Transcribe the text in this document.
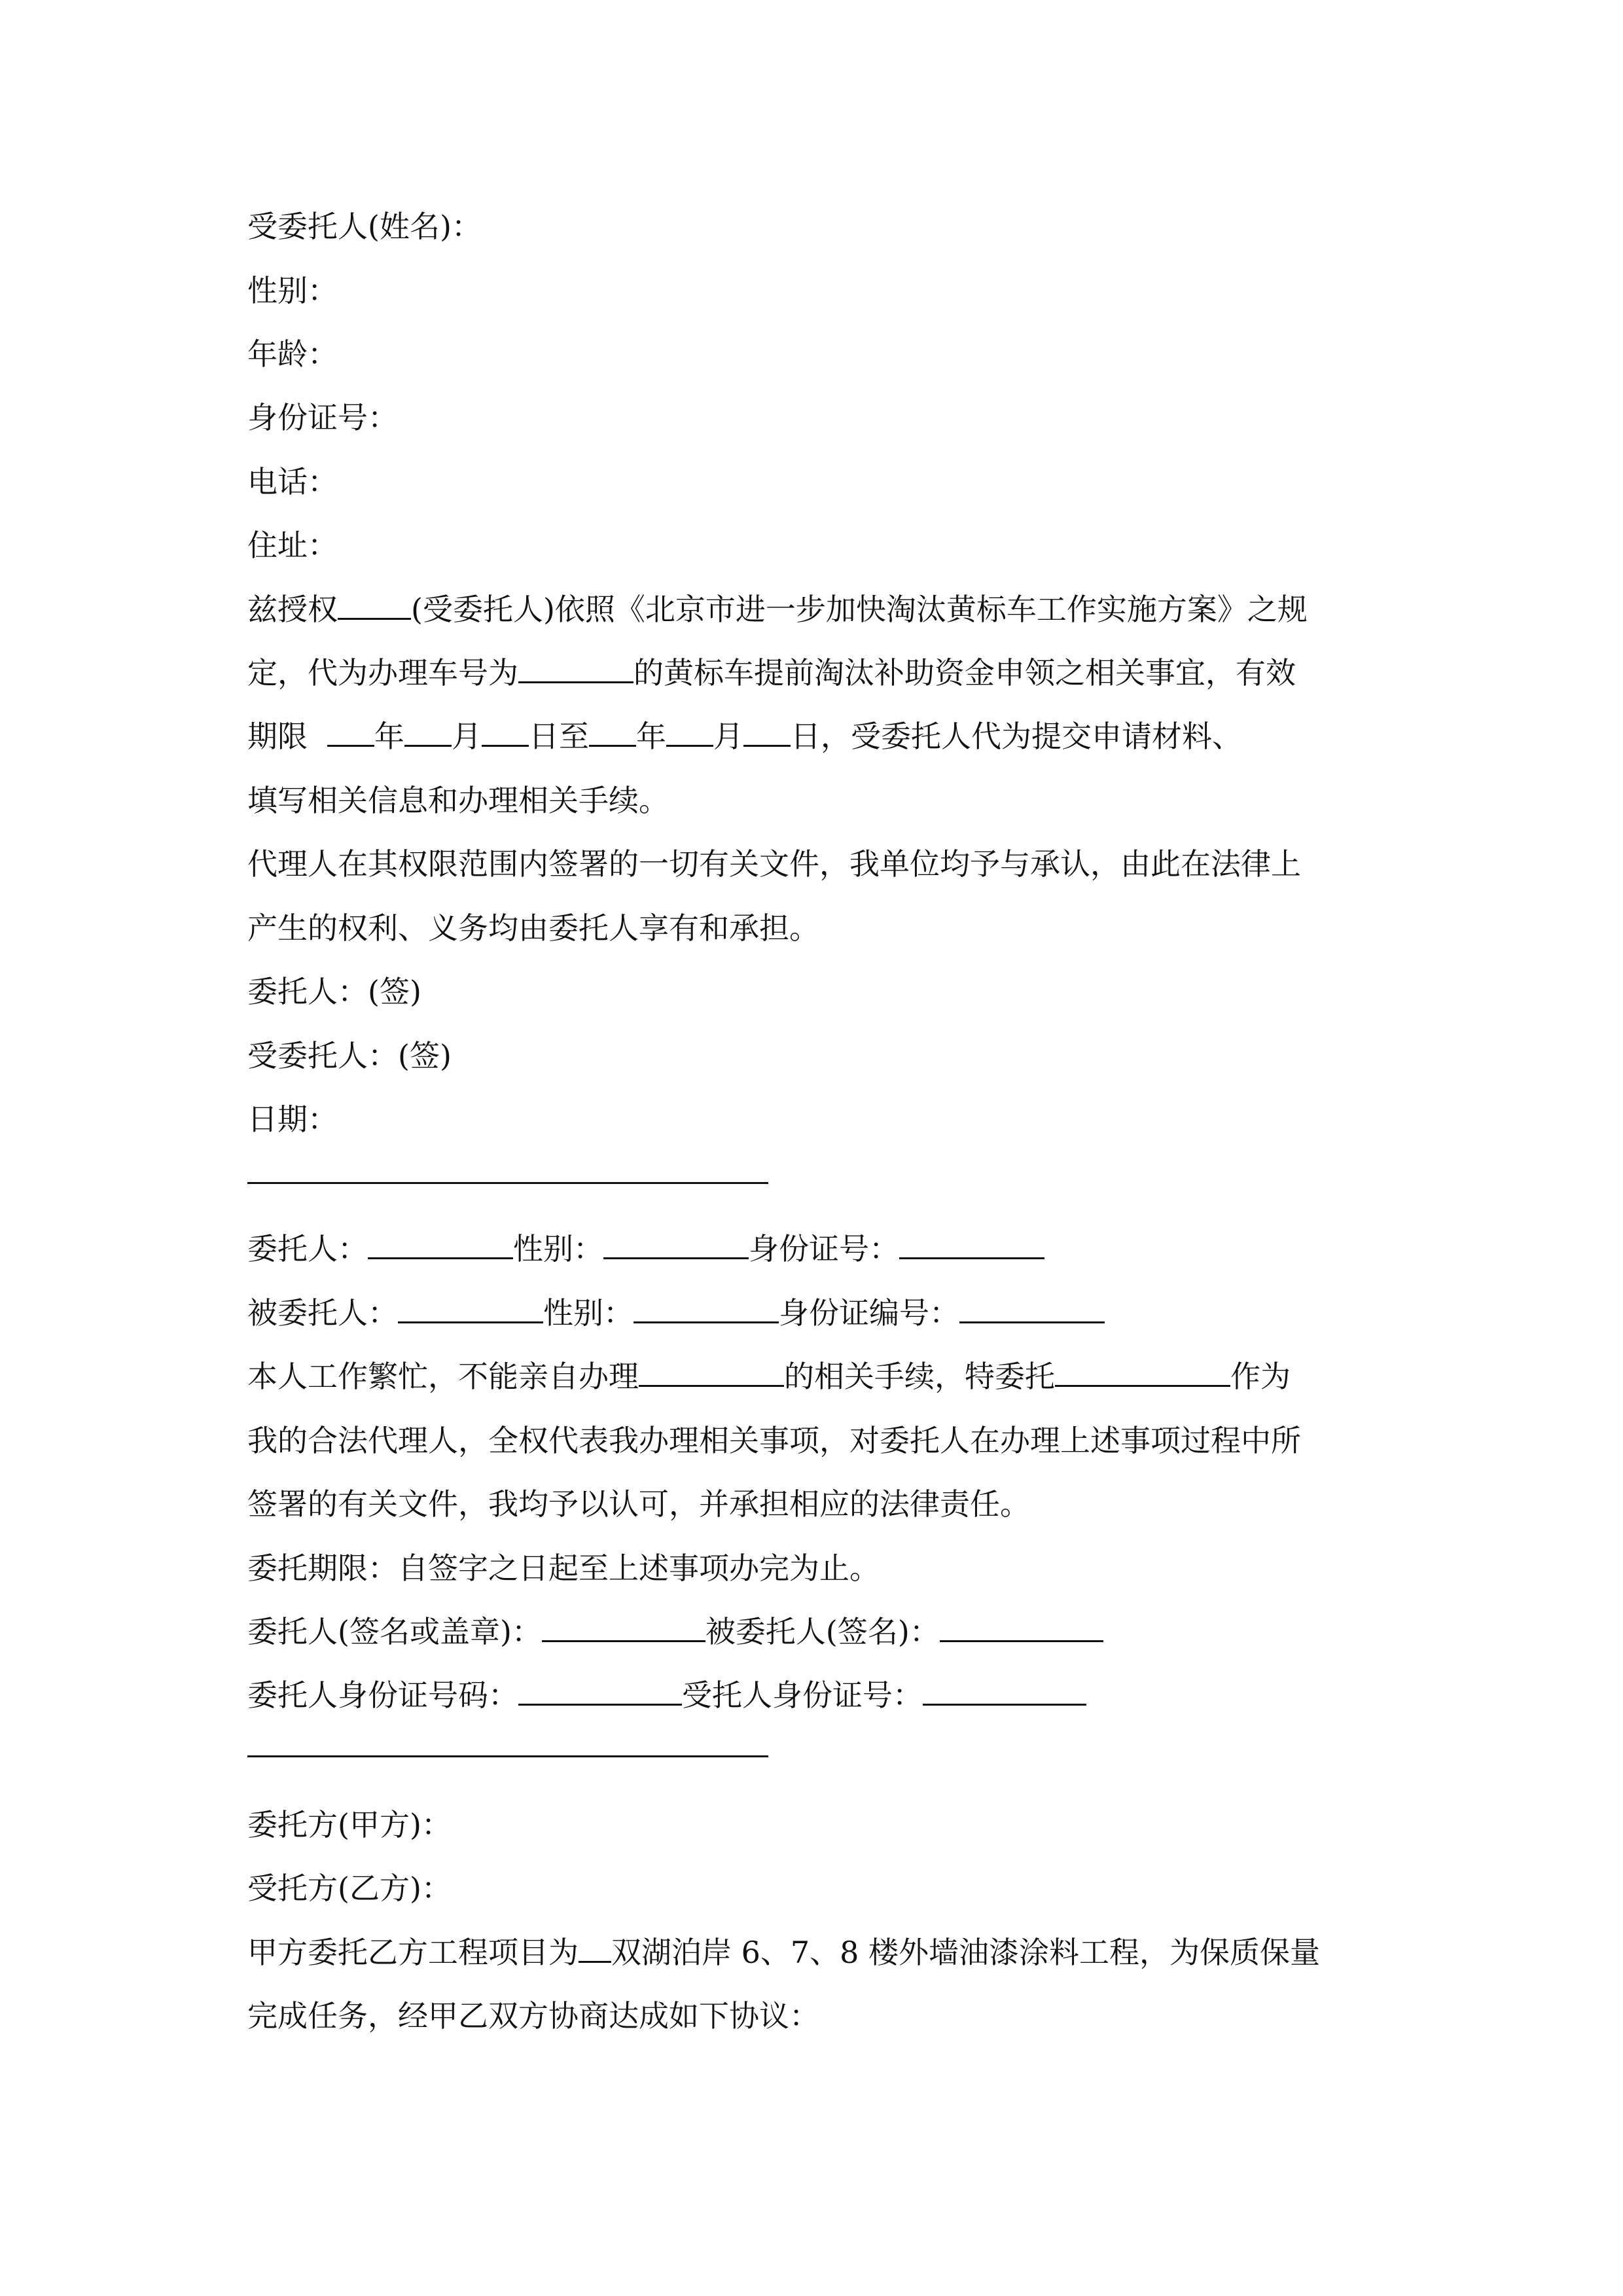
受委托人(姓名)：
性别：
年龄：
身份证号：
电话：
住址：
兹授权 (受委托人)依照《北京市进一步加快淘汰黄标车工作实施方案》之规
定，代为办理车号为	的黄标车提前淘汰补助资金申领之相关事宜，有效
期限 年 月 日至 年 月 日，受委托人代为提交申请材料、
填写相关信息和办理相关手续。
代理人在其权限范围内签署的一切有关文件，我单位均予与承认，由此在法律上
产生的权利、义务均由委托人享有和承担。
委托人：(签)
受委托人：(签)
日期：
委托人：	性别：	身份证号：
被委托人：	性别：	身份证编号：
本人工作繁忙，不能亲自办理	的相关手续，特委托	作为
我的合法代理人，全权代表我办理相关事项，对委托人在办理上述事项过程中所
签署的有关文件，我均予以认可，并承担相应的法律责任。
委托期限：自签字之日起至上述事项办完为止。
委托人(签名或盖章)：	被委托人(签名)：
委托人身份证号码：	受托人身份证号：
委托方(甲方)：
受托方(乙方)：
甲方委托乙方工程项目为 双湖泊岸 6、7、8 楼外墙油漆涂料工程，为保质保量
完成任务，经甲乙双方协商达成如下协议：
